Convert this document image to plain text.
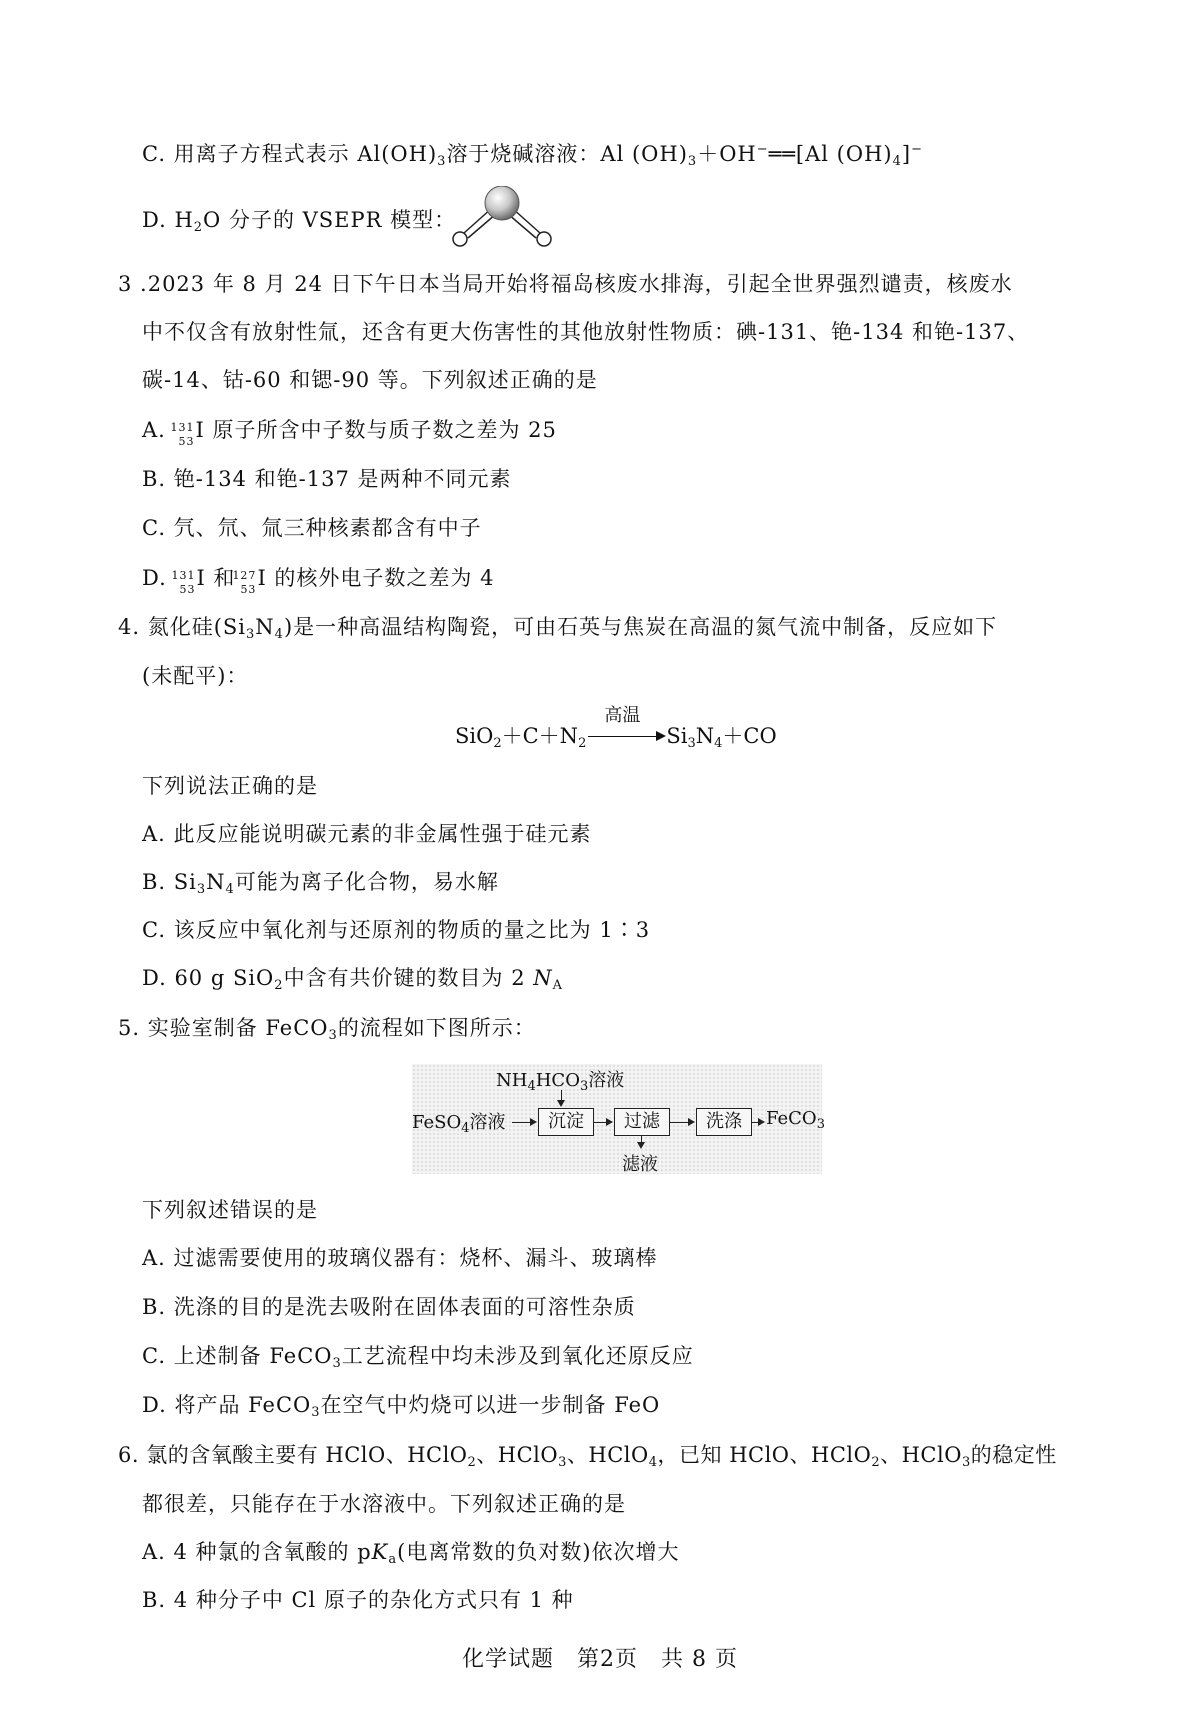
C. 用离子方程式表示 $Al(OH)_3$溶于烧碱溶液：Al $(OH)_3+OH^-══[Al$ $(OH)_4]^-$
D. $H_2O$ 分子的 VSEPR 模型：
3 .2023 年 8 月 24 日下午日本当局开始将福岛核废水排海，引起全世界强烈谴责，核废水
中不仅含有放射性氚，还含有更大伤害性的其他放射性物质：碘-131、铯-134 和铯-137、
碳-14、钴-60 和锶-90 等。下列叙述正确的是
A.
131
53 I 原子所含中子数与质子数之差为 25
B. 铯-134 和铯-137 是两种不同元素
C. 氕、氘、氚三种核素都含有中子
D.
131
53 I 和
127
53 I 的核外电子数之差为 4
4. 氮化硅$(Si_3N_4)$是一种高温结构陶瓷，可由石英与焦炭在高温的氮气流中制备，反应如下
(未配平)：
$SiO_2+C+N_2$
高温
$Si_3N_4+CO$
下列说法正确的是
A. 此反应能说明碳元素的非金属性强于硅元素
B. $Si_3N_4$可能为离子化合物，易水解
C. 该反应中氧化剂与还原剂的物质的量之比为 1∶3
D. 60 g SiO$_2$中含有共价键的数目为 2 $N_A$
5. 实验室制备 FeCO$_3$的流程如下图所示：
$NH_4HCO_3$溶液
FeSO$_4$溶液	沉淀	过滤
滤液
洗涤	FeCO$_3$
下列叙述错误的是
A. 过滤需要使用的玻璃仪器有：烧杯、漏斗、玻璃棒
B. 洗涤的目的是洗去吸附在固体表面的可溶性杂质
C. 上述制备 FeCO$_3$工艺流程中均未涉及到氧化还原反应
D. 将产品 FeCO$_3$在空气中灼烧可以进一步制备 FeO
6. 氯的含氧酸主要有 HClO、HClO$_2$、HClO$_3$、HClO$_4$，已知 HClO、HClO$_2$、HClO$_3$的稳定性
都很差，只能存在于水溶液中。下列叙述正确的是
A. 4 种氯的含氧酸的 $pK_a$(电离常数的负对数)依次增大
B. 4 种分子中 Cl 原子的杂化方式只有 1 种
化学试题　第2页　共 8 页
